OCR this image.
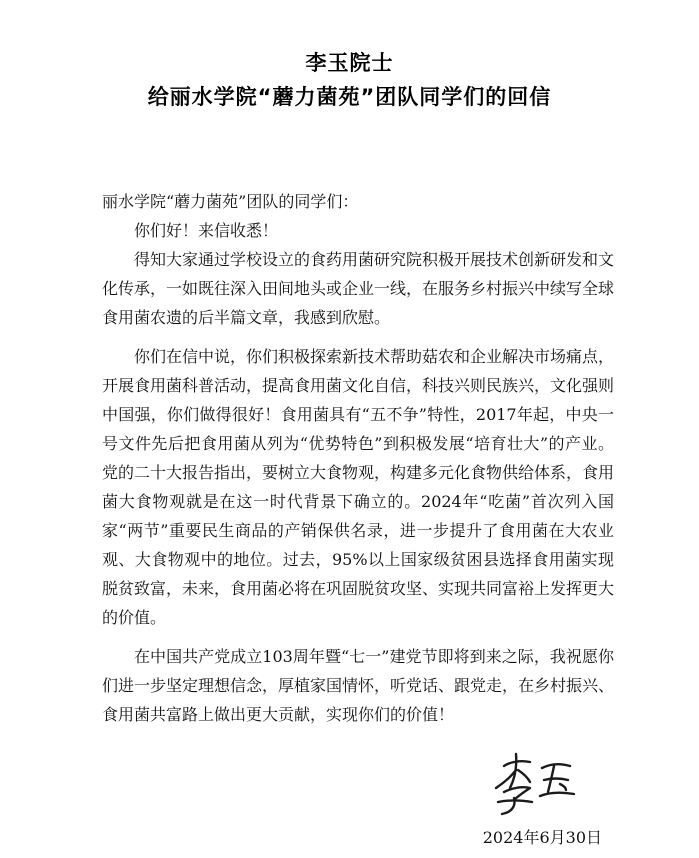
李玉院士
给丽水学院“蘑力菌苑”团队同学们的回信

丽水学院“蘑力菌苑”团队的同学们：

你们好！来信收悉！

得知大家通过学校设立的食药用菌研究院积极开展技术创新研发和文化传承，一如既往深入田间地头或企业一线，在服务乡村振兴中续写全球食用菌农遗的后半篇文章，我感到欣慰。

你们在信中说，你们积极探索新技术帮助菇农和企业解决市场痛点，开展食用菌科普活动，提高食用菌文化自信，科技兴则民族兴，文化强则中国强，你们做得很好！食用菌具有“五不争”特性，2017年起，中央一号文件先后把食用菌从列为“优势特色”到积极发展“培育壮大”的产业。党的二十大报告指出，要树立大食物观，构建多元化食物供给体系，食用菌大食物观就是在这一时代背景下确立的。2024年“吃菌”首次列入国家“两节”重要民生商品的产销保供名录，进一步提升了食用菌在大农业观、大食物观中的地位。过去，95%以上国家级贫困县选择食用菌实现脱贫致富，未来，食用菌必将在巩固脱贫攻坚、实现共同富裕上发挥更大的价值。

在中国共产党成立103周年暨“七一”建党节即将到来之际，我祝愿你们进一步坚定理想信念，厚植家国情怀，听党话、跟党走，在乡村振兴、食用菌共富路上做出更大贡献，实现你们的价值！

2024年6月30日
